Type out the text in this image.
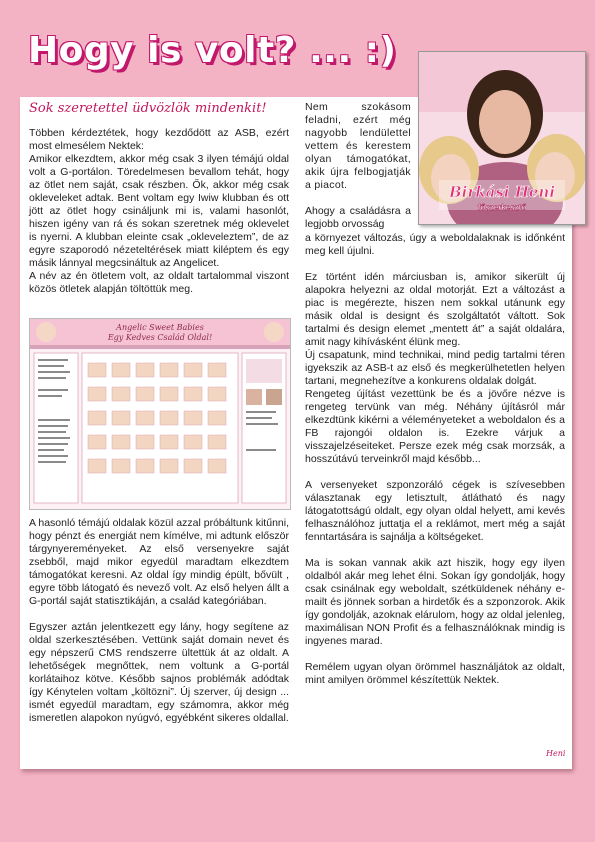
Hogy is volt? ... :)
Birkási Heni
főszerkesztő

Sok szeretettel üdvözlök mindenkit!

Többen kérdeztétek, hogy kezdődött az ASB, ezért most elmesélem Nektek:
Amikor elkezdtem, akkor még csak 3 ilyen témájú oldal volt a G-portálon. Töredelmesen bevallom tehát, hogy az ötlet nem saját, csak részben. Ők, akkor még csak okleveleket adtak. Bent voltam egy Iwiw klubban és ott jött az ötlet hogy csináljunk mi is, valami hasonlót, hiszen igény van rá és sokan szeretnek még oklevelet is nyerni. A klubban eleinte csak „okleveleztem”, de az egyre szaporodó nézeteltérések miatt kiléptem és egy másik lánnyal megcsináltuk az Angelicet.
A név az én ötletem volt, az oldalt tartalommal viszont közös ötletek alapján töltöttük meg.

Angelic Sweet Babies
Egy Kedves Család Oldal!

A hasonló témájú oldalak közül azzal próbáltunk kitűnni, hogy pénzt és energiát nem kímélve, mi adtunk először tárgynyereményeket. Az első versenyekre saját zsebből, majd mikor egyedül maradtam elkezdtem támogatókat keresni. Az oldal így mindig épült, bővült , egyre több látogató és nevező volt. Az első helyen állt a G-portál saját statisztikáján, a család kategóriában.

Egyszer aztán jelentkezett egy lány, hogy segítene az oldal szerkesztésében. Vettünk saját domain nevet és egy népszerű CMS rendszerre ültettük át az oldalt. A lehetőségek megnőttek, nem voltunk a G-portál korlátaihoz kötve. Később sajnos problémák adódtak így Kénytelen voltam „költözni”. Új szerver, új design ... ismét egyedül maradtam, egy számomra, akkor még ismeretlen alapokon nyúgvó, egyébként sikeres oldallal.

Nem szokásom feladni, ezért még nagyobb lendülettel vettem és kerestem olyan támogatókat, akik újra felbogjatják a piacot.

Ahogy a családásra a legjobb orvosság

a környezet változás, úgy a weboldalaknak is időnként meg kell újulni.

Ez történt idén márciusban is, amikor sikerült új alapokra helyezni az oldal motorját. Ezt a változást a piac is megérezte, hiszen nem sokkal utánunk egy másik oldal is designt és szolgáltatót váltott. Sok tartalmi és design elemet „mentett át” a saját oldalára, amit nagy kihívásként élünk meg.
Új csapatunk, mind technikai, mind pedig tartalmi téren igyekszik az ASB-t az első és megkerülhetetlen helyen tartani, megnehezítve a konkurens oldalak dolgát.
Rengeteg újítást vezettünk be és a jövőre nézve is rengeteg tervünk van még. Néhány újításról már elkezdtünk kikérni a véleményeteket a weboldalon és a FB rajongói oldalon is. Ezekre várjuk a visszajelzéseiteket. Persze ezek még csak morzsák, a hosszútávú terveinkről majd később...

A versenyeket szponzoráló cégek is szívesebben választanak egy letisztult, átlátható és nagy látogatottságú oldalt, egy olyan oldal helyett, ami kevés felhasználóhoz juttatja el a reklámot, mert még a saját fenntartására is sajnálja a költségeket.

Ma is sokan vannak akik azt hiszik, hogy egy ilyen oldalból akár meg lehet élni. Sokan így gondolják, hogy csak csinálnak egy weboldalt, szétküldenek néhány e-mailt és jönnek sorban a hirdetők és a szponzorok. Akik így gondolják, azoknak elárulom, hogy az oldal jelenleg, maximálisan NON Profit és a felhasználóknak mindig is ingyenes marad.

Remélem ugyan olyan örömmel használjátok az oldalt, mint amilyen örömmel készítettük Nektek.

Heni
